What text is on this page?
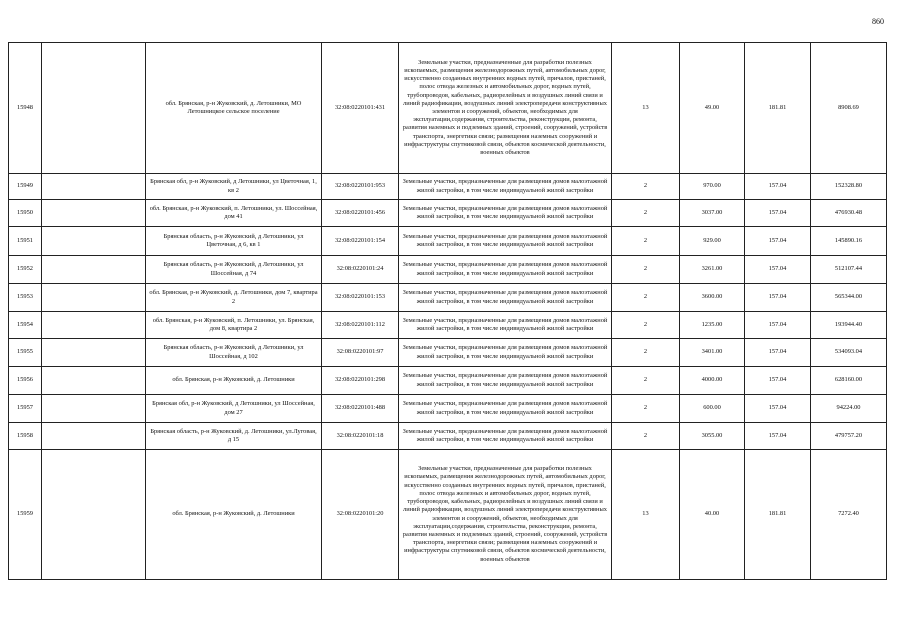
860
15948		обл. Брянская, р-н Жуковский, д. Летошники, МО Летошницкое сельское поселение	32:08:0220101:431	Земельные участки, предназначенные для разработки полезных ископаемых, размещения железнодорожных путей, автомобильных дорог, искусственно созданных внутренних водных путей, причалов, пристаней, полос отвода железных и автомобильных дорог, водных путей, трубопроводов, кабельных, радиорелейных и воздушных линий связи и линий радиофикации, воздушных линий электропередачи конструктивных элементов и сооружений, объектов, необходимых для эксплуатации,содержания, строительства, реконструкции, ремонта, развития наземных и подземных зданий, строений, сооружений, устройств транспорта, энергетики связи; размещения наземных сооружений и инфраструктуры спутниковой связи, объектов космической деятельности, военных объектов	13	49.00	181.81	8908.69
15949		Брянская обл, р-н Жуковский, д Летошники, ул Цветочная, 1, кв 2	32:08:0220101:953	Земельные участки, предназначенные для размещения домов малоэтажной жилой застройки, в том числе индивидуальной жилой застройки	2	970.00	157.04	152328.80
15950		обл. Брянская, р-н Жуковский, п. Летошники, ул. Шоссейная, дом 41	32:08:0220101:456	Земельные участки, предназначенные для размещения домов малоэтажной жилой застройки, в том числе индивидуальной жилой застройки	2	3037.00	157.04	476930.48
15951		Брянская область, р-н Жуковский, д Летошники, ул Цветочная, д 6, кв 1	32:08:0220101:154	Земельные участки, предназначенные для размещения домов малоэтажной жилой застройки, в том числе индивидуальной жилой застройки	2	929.00	157.04	145890.16
15952		Брянская область, р-н Жуковский, д Летошники, ул Шоссейная, д 74	32:08:0220101:24	Земельные участки, предназначенные для размещения домов малоэтажной жилой застройки, в том числе индивидуальной жилой застройки	2	3261.00	157.04	512107.44
15953		обл. Брянская, р-н Жуковский, д. Летошники, дом 7, квартира 2	32:08:0220101:153	Земельные участки, предназначенные для размещения домов малоэтажной жилой застройки, в том числе индивидуальной жилой застройки	2	3600.00	157.04	565344.00
15954		обл. Брянская, р-н Жуковский, п. Летошники, ул. Брянская, дом 8, квартира 2	32:08:0220101:112	Земельные участки, предназначенные для размещения домов малоэтажной жилой застройки, в том числе индивидуальной жилой застройки	2	1235.00	157.04	193944.40
15955		Брянская область, р-н Жуковский, д Летошники, ул Шоссейная, д 102	32:08:0220101:97	Земельные участки, предназначенные для размещения домов малоэтажной жилой застройки, в том числе индивидуальной жилой застройки	2	3401.00	157.04	534093.04
15956		обл. Брянская, р-н Жуковский, д. Летошники	32:08:0220101:298	Земельные участки, предназначенные для размещения домов малоэтажной жилой застройки, в том числе индивидуальной жилой застройки	2	4000.00	157.04	628160.00
15957		Брянская обл, р-н Жуковский, д Летошники, ул Шоссейная, дом 27	32:08:0220101:488	Земельные участки, предназначенные для размещения домов малоэтажной жилой застройки, в том числе индивидуальной жилой застройки	2	600.00	157.04	94224.00
15958		Брянская область, р-н Жуковский, д. Летошники, ул.Луговая, д 15	32:08:0220101:18	Земельные участки, предназначенные для размещения домов малоэтажной жилой застройки, в том числе индивидуальной жилой застройки	2	3055.00	157.04	479757.20
15959		обл. Брянская, р-н Жуковский, д. Летошники	32:08:0220101:20	Земельные участки, предназначенные для разработки полезных ископаемых, размещения железнодорожных путей, автомобильных дорог, искусственно созданных внутренних водных путей, причалов, пристаней, полос отвода железных и автомобильных дорог, водных путей, трубопроводов, кабельных, радиорелейных и воздушных линий связи и линий радиофикации, воздушных линий электропередачи конструктивных элементов и сооружений, объектов, необходимых для эксплуатации,содержания, строительства, реконструкции, ремонта, развития наземных и подземных зданий, строений, сооружений, устройств транспорта, энергетики связи; размещения наземных сооружений и инфраструктуры спутниковой связи, объектов космической деятельности, военных объектов	13	40.00	181.81	7272.40
